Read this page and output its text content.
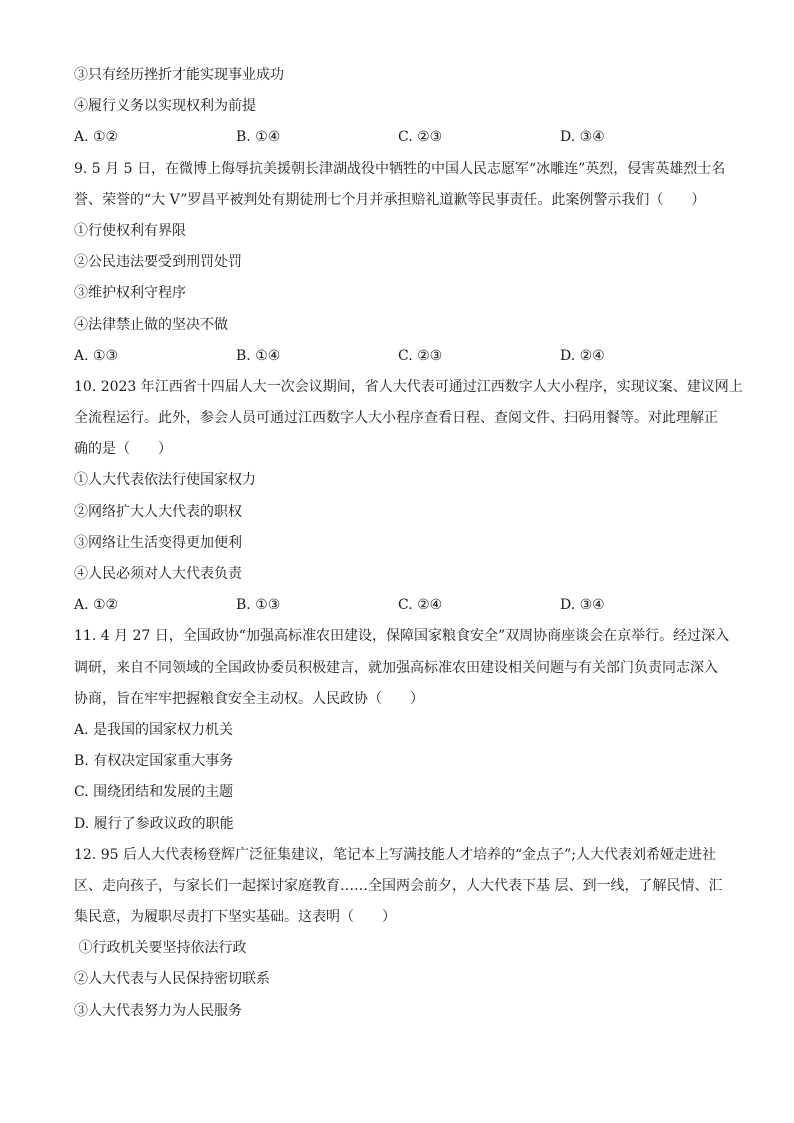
③只有经历挫折才能实现事业成功
④履行义务以实现权利为前提
A. ①②	B. ①④	C. ②③	D. ③④
9. 5 月 5 日，在微博上侮辱抗美援朝长津湖战役中牺牲的中国人民志愿军“冰雕连”英烈，侵害英雄烈士名
誉、荣誉的“大 V”罗昌平被判处有期徒刑七个月并承担赔礼道歉等民事责任。此案例警示我们（　　）
①行使权利有界限
②公民违法要受到刑罚处罚
③维护权利守程序
④法律禁止做的坚决不做
A. ①③	B. ①④	C. ②③	D. ②④
10. 2023 年江西省十四届人大一次会议期间，省人大代表可通过江西数字人大小程序，实现议案、建议网上
全流程运行。此外，参会人员可通过江西数字人大小程序查看日程、查阅文件、扫码用餐等。对此理解正
确的是（　　）
①人大代表依法行使国家权力
②网络扩大人大代表的职权
③网络让生活变得更加便利
④人民必须对人大代表负责
A. ①②	B. ①③	C. ②④	D. ③④
11. 4 月 27 日，全国政协“加强高标准农田建设，保障国家粮食安全”双周协商座谈会在京举行。经过深入
调研，来自不同领域的全国政协委员积极建言，就加强高标准农田建设相关问题与有关部门负责同志深入
协商，旨在牢牢把握粮食安全主动权。人民政协（　　）
A. 是我国的国家权力机关
B. 有权决定国家重大事务
C. 围绕团结和发展的主题
D. 履行了参政议政的职能
12. 95 后人大代表杨登辉广泛征集建议，笔记本上写满技能人才培养的“金点子”;人大代表刘希娅走进社
区、走向孩子，与家长们一起探讨家庭教育……全国两会前夕，人大代表下基 层、到一线，了解民情、汇
集民意，为履职尽责打下坚实基础。这表明（　　）
①行政机关要坚持依法行政
②人大代表与人民保持密切联系
③人大代表努力为人民服务
